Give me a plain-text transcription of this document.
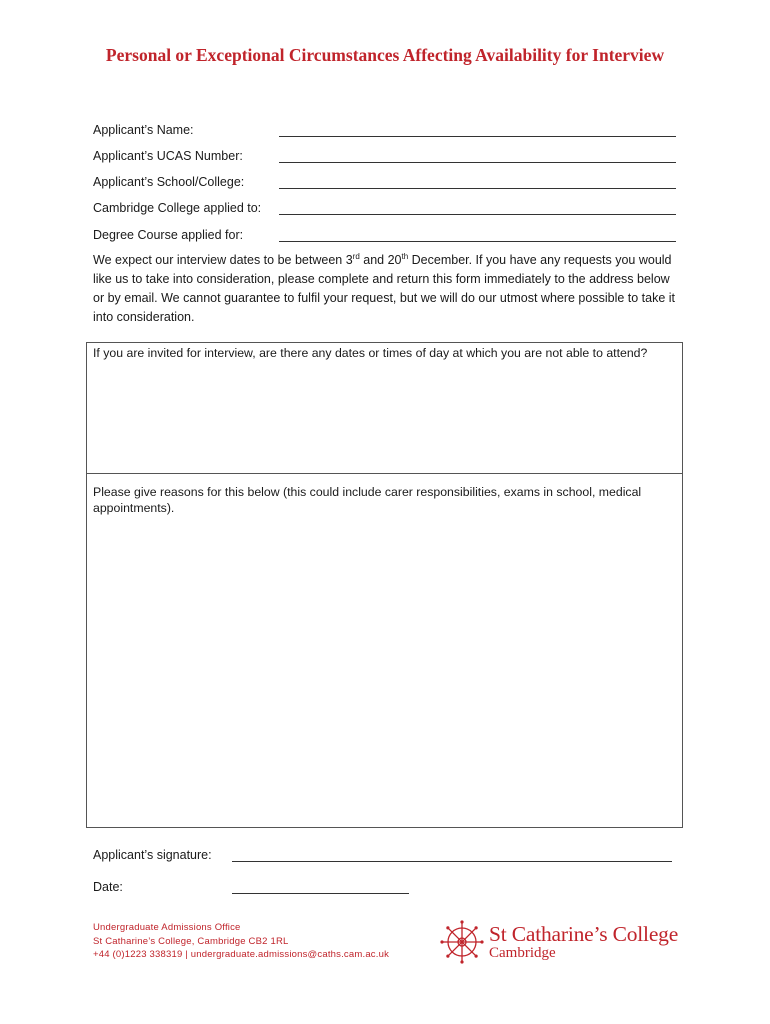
Personal or Exceptional Circumstances Affecting Availability for Interview
Applicant’s Name:
Applicant’s UCAS Number:
Applicant’s School/College:
Cambridge College applied to:
Degree Course applied for:
We expect our interview dates to be between 3rd and 20th December. If you have any requests you would like us to take into consideration, please complete and return this form immediately to the address below or by email. We cannot guarantee to fulfil your request, but we will do our utmost where possible to take it into consideration.
If you are invited for interview, are there any dates or times of day at which you are not able to attend?
Please give reasons for this below (this could include carer responsibilities, exams in school, medical appointments).
Applicant’s signature:
Date:
Undergraduate Admissions Office
St Catharine’s College, Cambridge CB2 1RL
+44 (0)1223 338319 | undergraduate.admissions@caths.cam.ac.uk
St Catharine’s College
Cambridge
